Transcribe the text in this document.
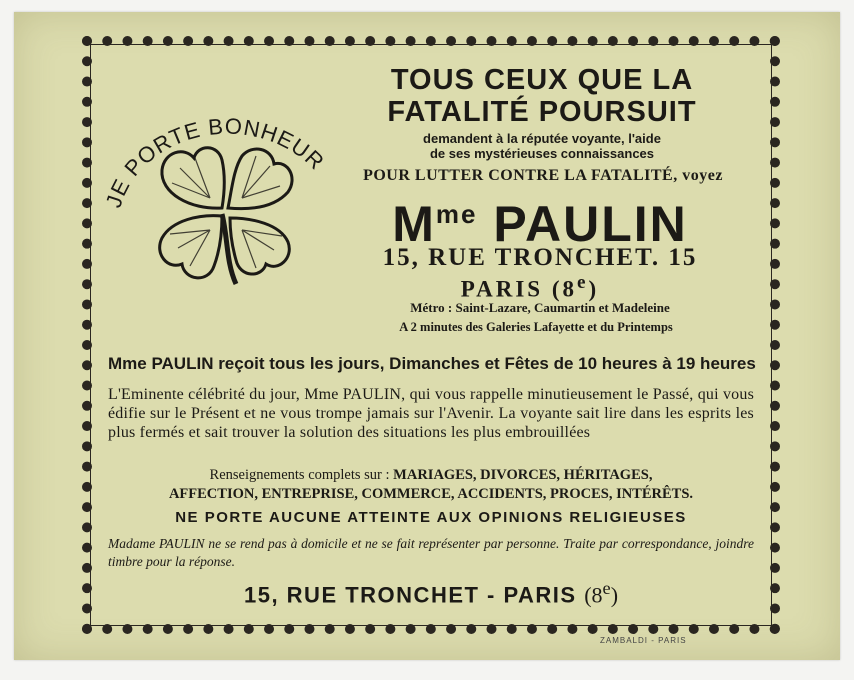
JE PORTE BONHEUR
TOUS CEUX QUE LA
FATALITÉ POURSUIT
demandent à la réputée voyante, l'aide
de ses mystérieuses connaissances
POUR LUTTER CONTRE LA FATALITÉ, voyez
$M^{me}$ PAULIN
15, RUE TRONCHET. 15
PARIS (8e)
Métro : Saint-Lazare, Caumartin et Madeleine
A 2 minutes des Galeries Lafayette et du Printemps
Mme PAULIN reçoit tous les jours, Dimanches et Fêtes de 10 heures à 19 heures
L'Eminente célébrité du jour, Mme PAULIN, qui vous rappelle minutieusement le Passé, qui vous édifie sur le Présent et ne vous trompe jamais sur l'Avenir. La voyante sait lire dans les esprits les plus fermés et sait trouver la solution des situations les plus embrouillées
Renseignements complets sur : MARIAGES, DIVORCES, HÉRITAGES,
AFFECTION, ENTREPRISE, COMMERCE, ACCIDENTS, PROCES, INTÉRÊTS.
NE PORTE AUCUNE ATTEINTE AUX OPINIONS RELIGIEUSES
Madame PAULIN ne se rend pas à domicile et ne se fait représenter par personne. Traite par correspondance, joindre timbre pour la réponse.
15, RUE TRONCHET - PARIS (8e)
ZAMBALDI - PARIS
